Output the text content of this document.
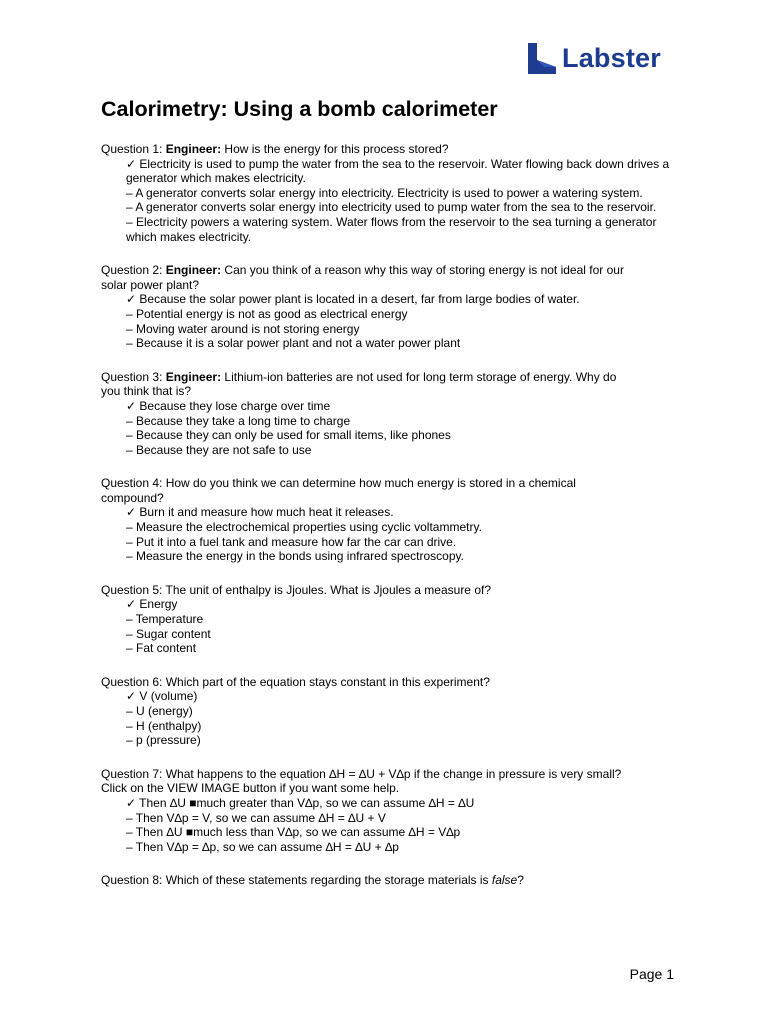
Labster
Calorimetry: Using a bomb calorimeter
Question 1: Engineer: How is the energy for this process stored?
✓ Electricity is used to pump the water from the sea to the reservoir. Water flowing back down drives a generator which makes electricity.
– A generator converts solar energy into electricity. Electricity is used to power a watering system.
– A generator converts solar energy into electricity used to pump water from the sea to the reservoir.
– Electricity powers a watering system. Water flows from the reservoir to the sea turning a generator which makes electricity.
Question 2: Engineer: Can you think of a reason why this way of storing energy is not ideal for our
solar power plant?
✓ Because the solar power plant is located in a desert, far from large bodies of water.
– Potential energy is not as good as electrical energy
– Moving water around is not storing energy
– Because it is a solar power plant and not a water power plant
Question 3: Engineer: Lithium-ion batteries are not used for long term storage of energy. Why do
you think that is?
✓ Because they lose charge over time
– Because they take a long time to charge
– Because they can only be used for small items, like phones
– Because they are not safe to use
Question 4: How do you think we can determine how much energy is stored in a chemical
compound?
✓ Burn it and measure how much heat it releases.
– Measure the electrochemical properties using cyclic voltammetry.
– Put it into a fuel tank and measure how far the car can drive.
– Measure the energy in the bonds using infrared spectroscopy.
Question 5: The unit of enthalpy is Jjoules. What is Jjoules a measure of?
✓ Energy
– Temperature
– Sugar content
– Fat content
Question 6: Which part of the equation stays constant in this experiment?
✓ V (volume)
– U (energy)
– H (enthalpy)
– p (pressure)
Question 7: What happens to the equation ∆H = ∆U + V∆p if the change in pressure is very small?
Click on the VIEW IMAGE button if you want some help.
✓ Then ∆U ■much greater than V∆p, so we can assume ∆H = ∆U
– Then V∆p = V, so we can assume ∆H = ∆U + V
– Then ∆U ■much less than V∆p, so we can assume ∆H = V∆p
– Then V∆p = ∆p, so we can assume ∆H = ∆U + ∆p
Question 8: Which of these statements regarding the storage materials is false?
Page 1
